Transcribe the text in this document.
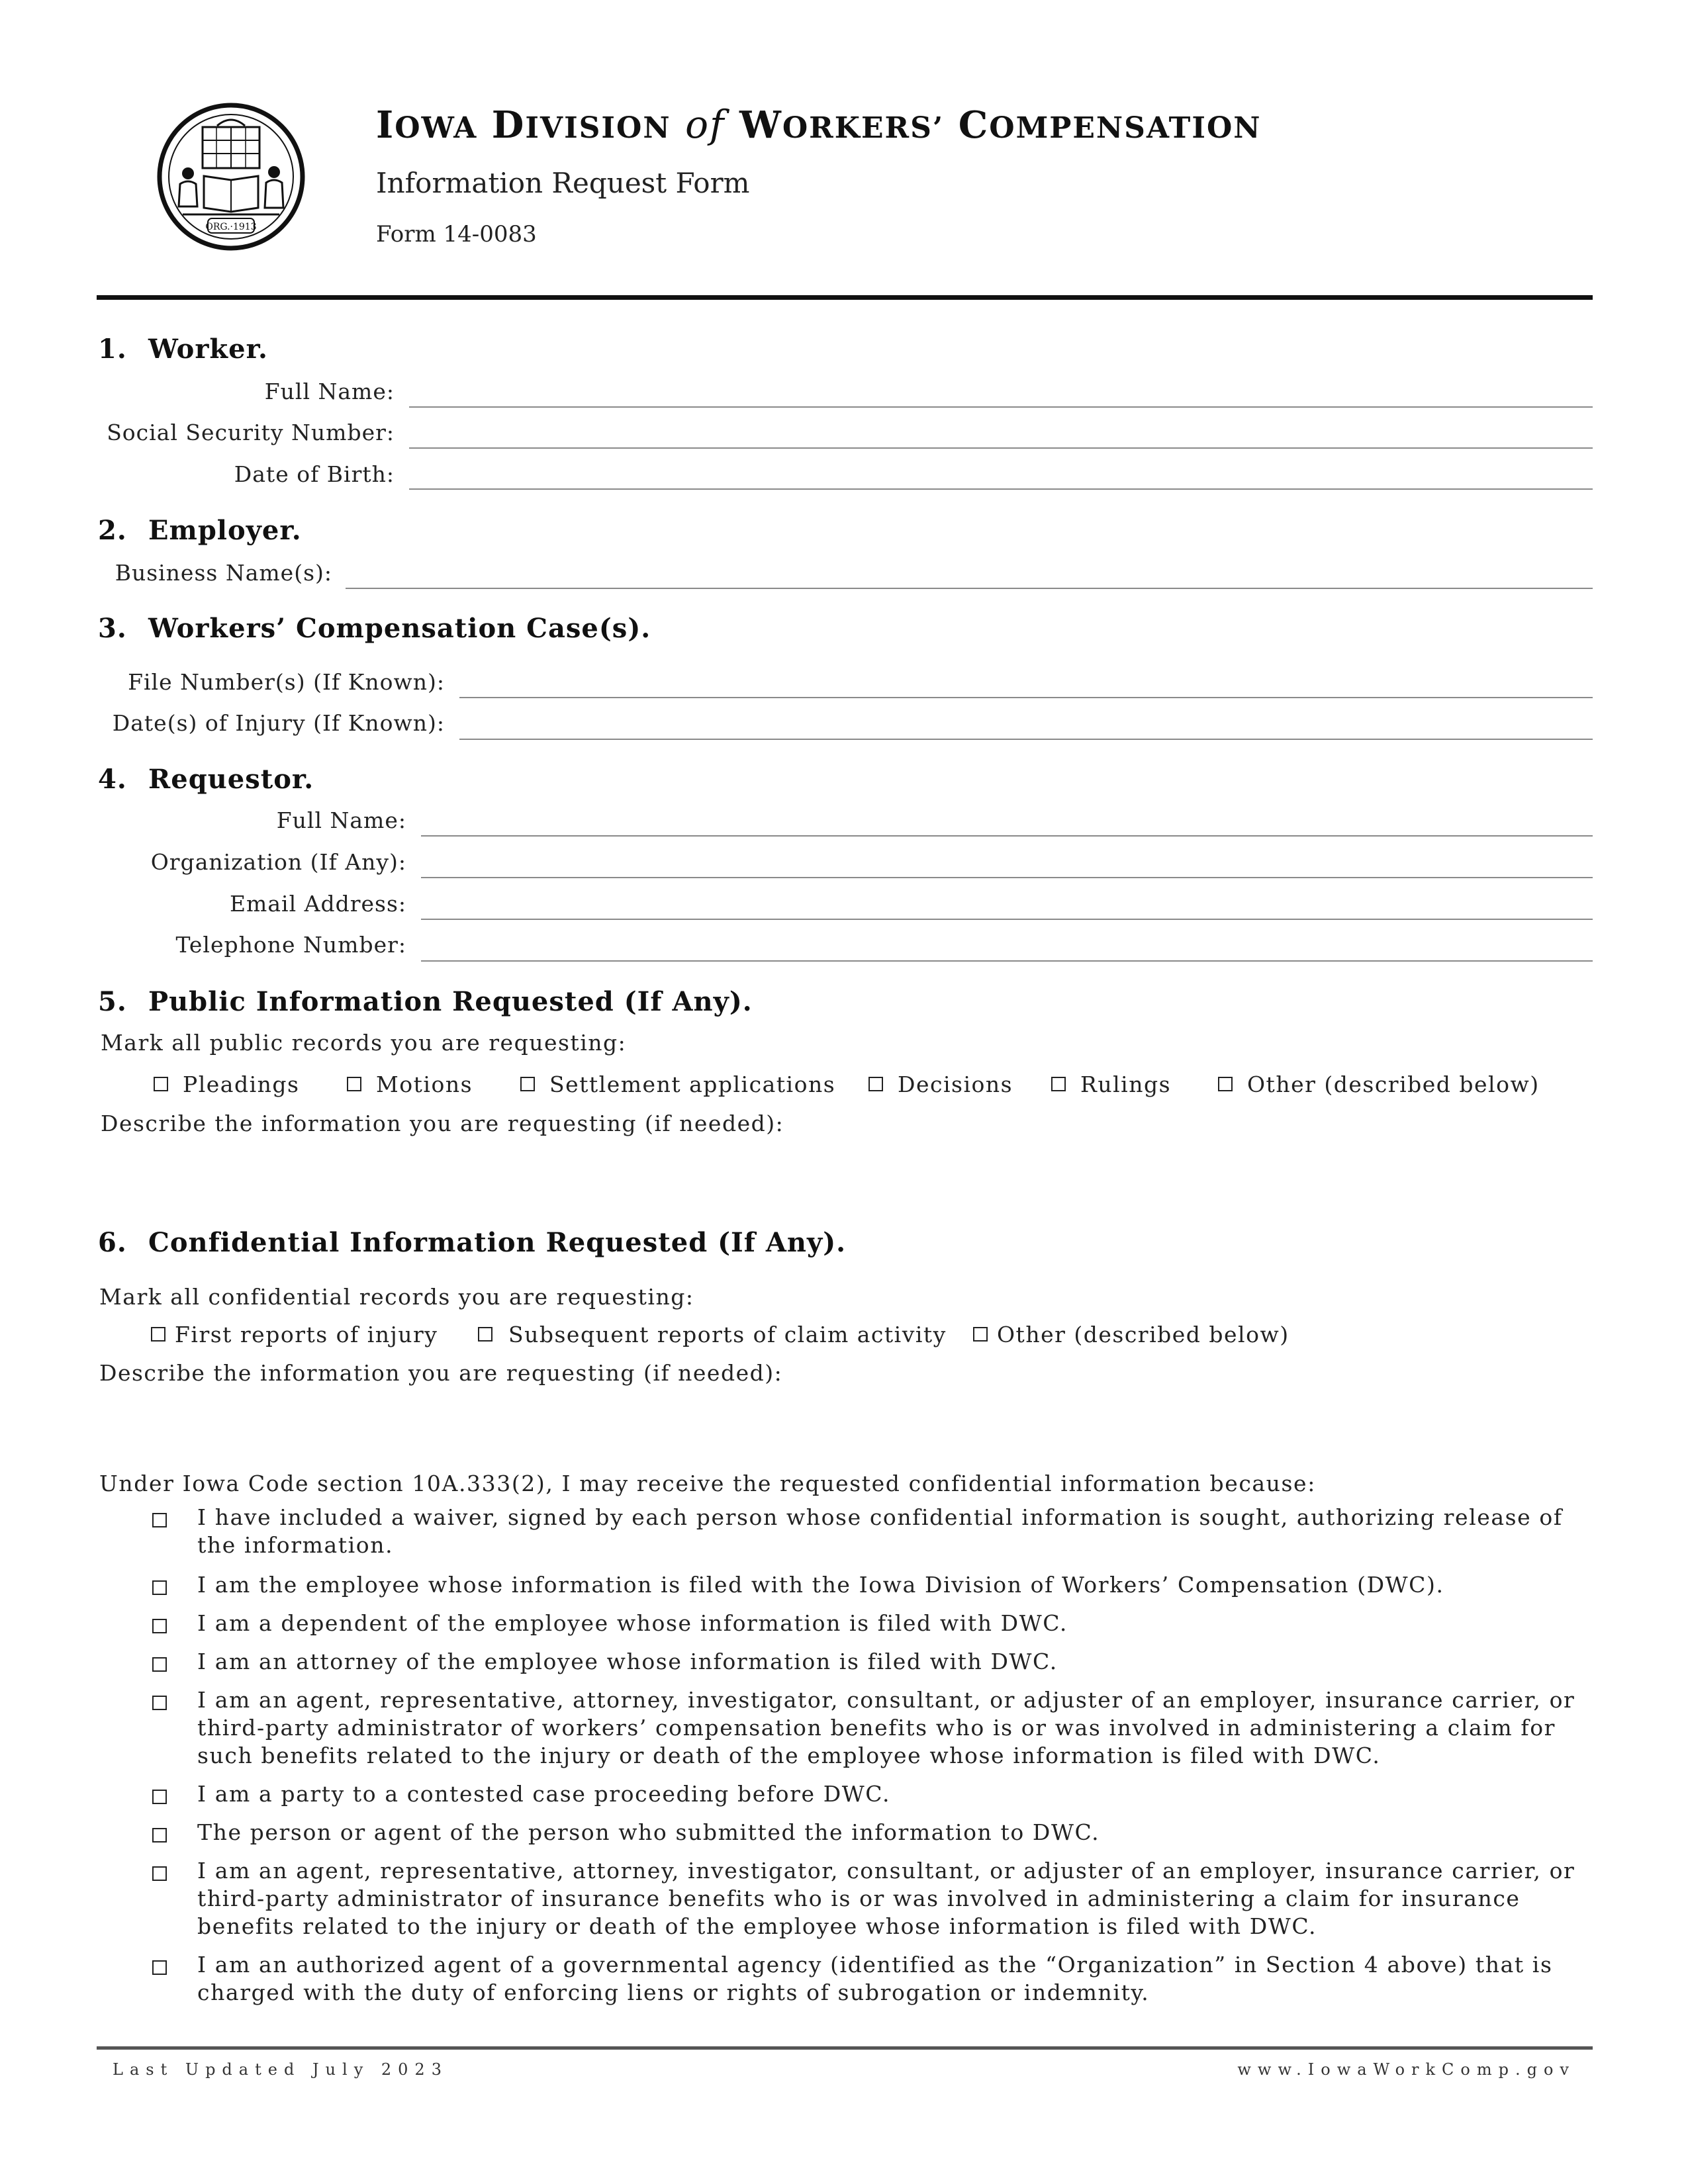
ORG.·1913
IOWA DIVISION of WORKERS’ COMPENSATION
Information Request Form
Form 14-0083
1. Worker.
Full Name:
Social Security Number:
Date of Birth:
2. Employer.
Business Name(s):
3. Workers’ Compensation Case(s).
File Number(s) (If Known):
Date(s) of Injury (If Known):
4. Requestor.
Full Name:
Organization (If Any):
Email Address:
Telephone Number:
5. Public Information Requested (If Any).
Mark all public records you are requesting:
Pleadings	Motions	Settlement applications	Decisions	Rulings	Other (described below)
Describe the information you are requesting (if needed):
6. Confidential Information Requested (If Any).
Mark all confidential records you are requesting:
First reports of injury	Subsequent reports of claim activity	Other (described below)
Describe the information you are requesting (if needed):
Under Iowa Code section 10A.333(2), I may receive the requested confidential information because:
I have included a waiver, signed by each person whose confidential information is sought, authorizing release of the information.
I am the employee whose information is filed with the Iowa Division of Workers’ Compensation (DWC).
I am a dependent of the employee whose information is filed with DWC.
I am an attorney of the employee whose information is filed with DWC.
I am an agent, representative, attorney, investigator, consultant, or adjuster of an employer, insurance carrier, or third-party administrator of workers’ compensation benefits who is or was involved in administering a claim for such benefits related to the injury or death of the employee whose information is filed with DWC.
I am a party to a contested case proceeding before DWC.
The person or agent of the person who submitted the information to DWC.
I am an agent, representative, attorney, investigator, consultant, or adjuster of an employer, insurance carrier, or third-party administrator of insurance benefits who is or was involved in administering a claim for insurance benefits related to the injury or death of the employee whose information is filed with DWC.
I am an authorized agent of a governmental agency (identified as the “Organization” in Section 4 above) that is charged with the duty of enforcing liens or rights of subrogation or indemnity.
Last Updated July 2023	www.IowaWorkComp.gov
